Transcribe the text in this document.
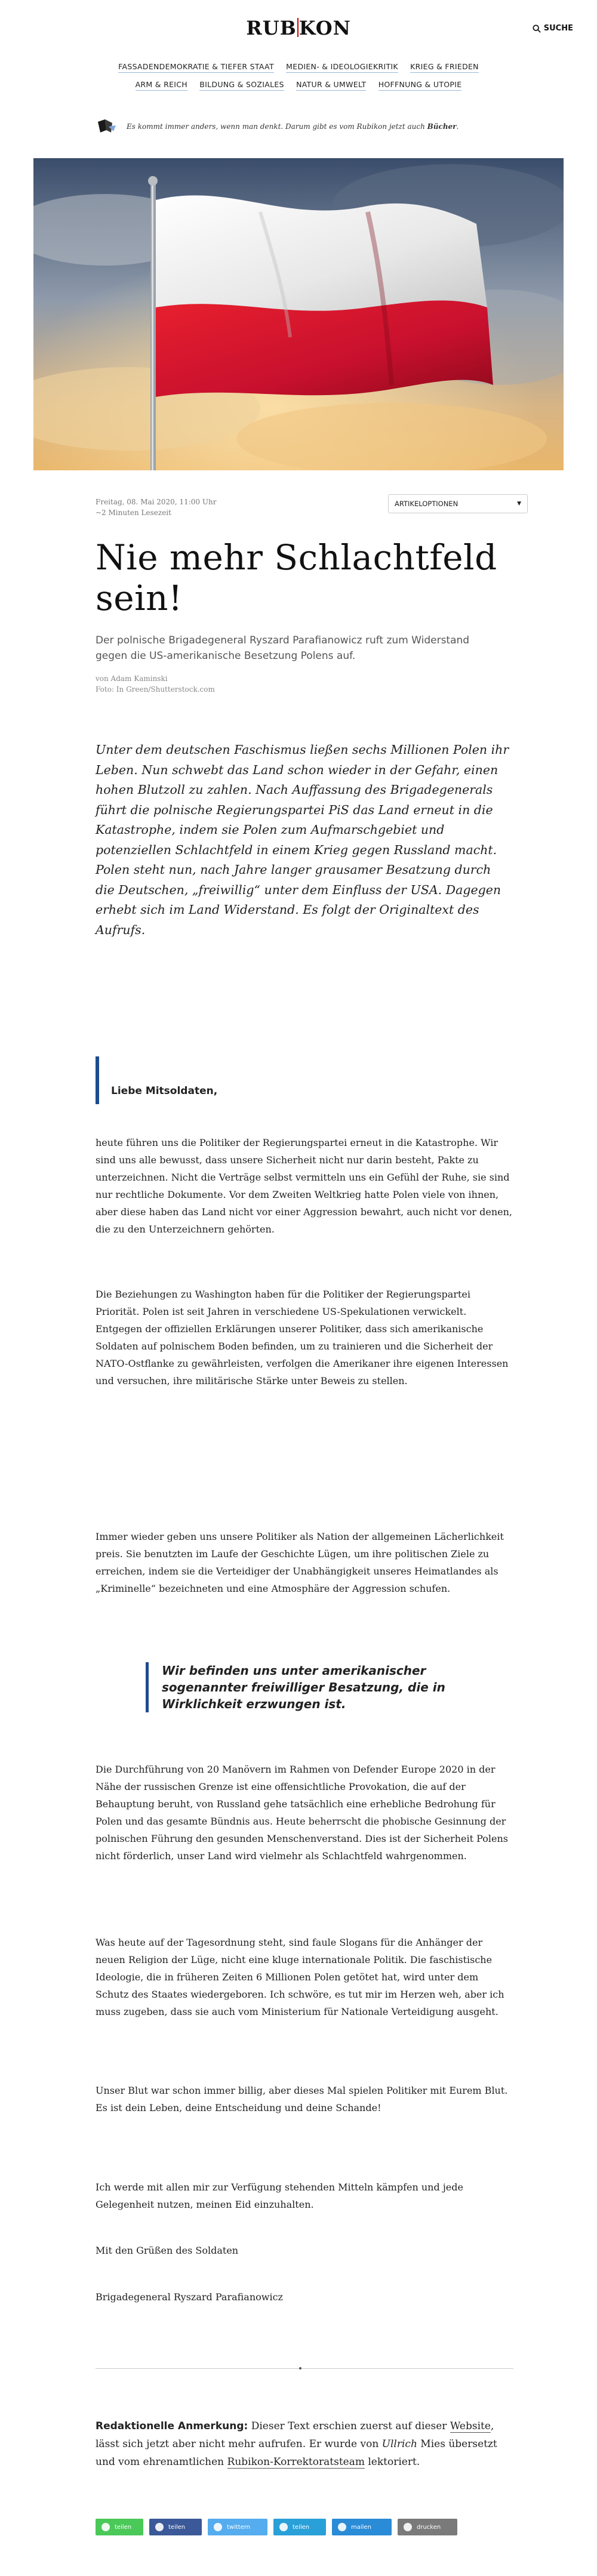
RUB KON	SUCHE
FASSADENDEMOKRATIE & TIEFER STAAT MEDIEN- & IDEOLOGIEKRITIK KRIEG & FRIEDEN
ARM & REICH BILDUNG & SOZIALES NATUR & UMWELT HOFFNUNG & UTOPIE
Es kommt immer anders, wenn man denkt. Darum gibt es vom Rubikon jetzt auch Bücher.
Freitag, 08. Mai 2020, 11:00 Uhr
~2 Minuten Lesezeit
ARTIKELOPTIONEN	▼
Nie mehr Schlachtfeld sein!

Der polnische Brigadegeneral Ryszard Parafianowicz ruft zum Widerstand gegen die US-amerikanische Besetzung Polens auf.

von Adam Kaminski
Foto: In Green/Shutterstock.com

Unter dem deutschen Faschismus ließen sechs Millionen Polen ihr Leben. Nun schwebt das Land schon wieder in der Gefahr, einen hohen Blutzoll zu zahlen. Nach Auffassung des Brigadegenerals führt die polnische Regierungspartei PiS das Land erneut in die Katastrophe, indem sie Polen zum Aufmarschgebiet und potenziellen Schlachtfeld in einem Krieg gegen Russland macht. Polen steht nun, nach Jahre langer grausamer Besatzung durch die Deutschen, „freiwillig“ unter dem Einfluss der USA. Dagegen erhebt sich im Land Widerstand. Es folgt der Originaltext des Aufrufs.

Liebe Mitsoldaten,

heute führen uns die Politiker der Regierungspartei erneut in die Katastrophe. Wir sind uns alle bewusst, dass unsere Sicherheit nicht nur darin besteht, Pakte zu unterzeichnen. Nicht die Verträge selbst vermitteln uns ein Gefühl der Ruhe, sie sind nur rechtliche Dokumente. Vor dem Zweiten Weltkrieg hatte Polen viele von ihnen, aber diese haben das Land nicht vor einer Aggression bewahrt, auch nicht vor denen, die zu den Unterzeichnern gehörten.

Die Beziehungen zu Washington haben für die Politiker der Regierungspartei Priorität. Polen ist seit Jahren in verschiedene US-Spekulationen verwickelt. Entgegen der offiziellen Erklärungen unserer Politiker, dass sich amerikanische Soldaten auf polnischem Boden befinden, um zu trainieren und die Sicherheit der NATO-Ostflanke zu gewährleisten, verfolgen die Amerikaner ihre eigenen Interessen und versuchen, ihre militärische Stärke unter Beweis zu stellen.

Immer wieder geben uns unsere Politiker als Nation der allgemeinen Lächerlichkeit preis. Sie benutzten im Laufe der Geschichte Lügen, um ihre politischen Ziele zu erreichen, indem sie die Verteidiger der Unabhängigkeit unseres Heimatlandes als „Kriminelle“ bezeichneten und eine Atmosphäre der Aggression schufen.

Wir befinden uns unter amerikanischer sogenannter freiwilliger Besatzung, die in Wirklichkeit erzwungen ist.

Die Durchführung von 20 Manövern im Rahmen von Defender Europe 2020 in der Nähe der russischen Grenze ist eine offensichtliche Provokation, die auf der Behauptung beruht, von Russland gehe tatsächlich eine erhebliche Bedrohung für Polen und das gesamte Bündnis aus. Heute beherrscht die phobische Gesinnung der polnischen Führung den gesunden Menschenverstand. Dies ist der Sicherheit Polens nicht förderlich, unser Land wird vielmehr als Schlachtfeld wahrgenommen.

Was heute auf der Tagesordnung steht, sind faule Slogans für die Anhänger der neuen Religion der Lüge, nicht eine kluge internationale Politik. Die faschistische Ideologie, die in früheren Zeiten 6 Millionen Polen getötet hat, wird unter dem Schutz des Staates wiedergeboren. Ich schwöre, es tut mir im Herzen weh, aber ich muss zugeben, dass sie auch vom Ministerium für Nationale Verteidigung ausgeht.

Unser Blut war schon immer billig, aber dieses Mal spielen Politiker mit Eurem Blut. Es ist dein Leben, deine Entscheidung und deine Schande!

Ich werde mit allen mir zur Verfügung stehenden Mitteln kämpfen und jede Gelegenheit nutzen, meinen Eid einzuhalten.

Mit den Grüßen des Soldaten

Brigadegeneral Ryszard Parafianowicz

Redaktionelle Anmerkung: Dieser Text erschien zuerst auf dieser Website, lässt sich jetzt aber nicht mehr aufrufen. Er wurde von Ullrich Mies übersetzt und vom ehrenamtlichen Rubikon-Korrektoratsteam lektoriert.

teilen	teilen	twittern	teilen	mailen	drucken
